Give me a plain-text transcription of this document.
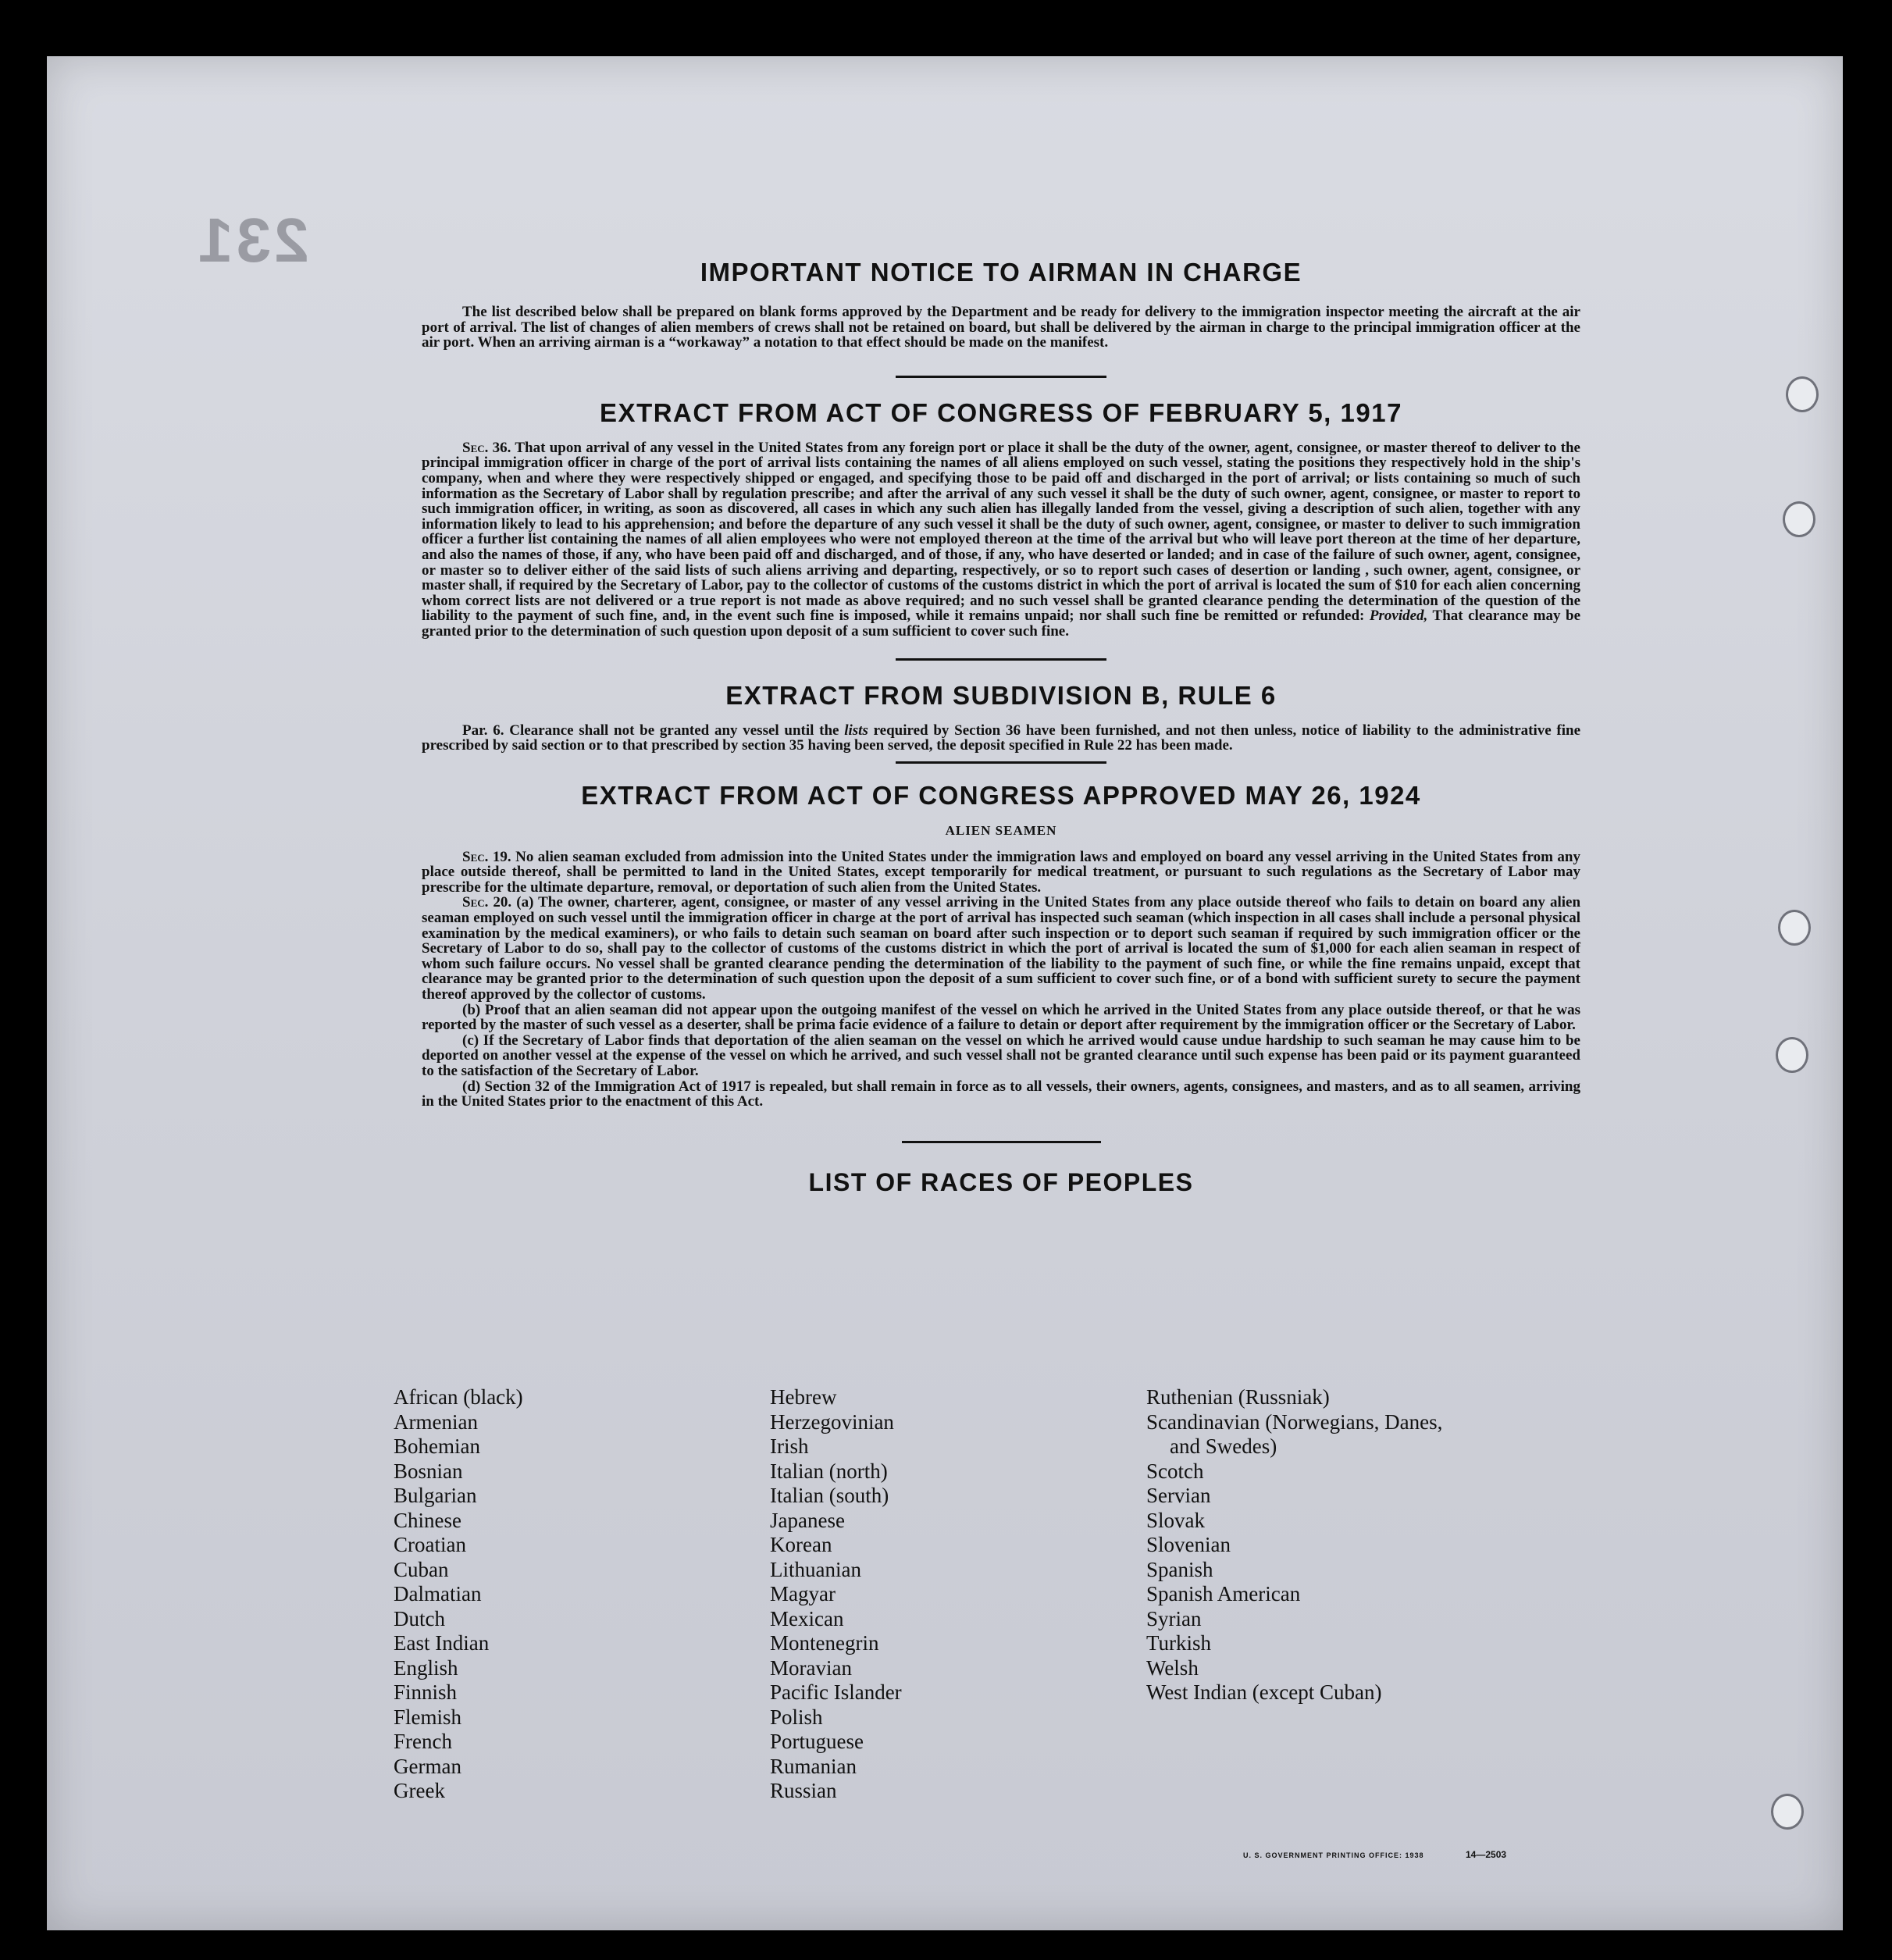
231	IMPORTANT NOTICE TO AIRMAN IN CHARGE

The list described below shall be prepared on blank forms approved by the Department and be ready for delivery to the immigration inspector meeting the aircraft at the air port of arrival. The list of changes of alien members of crews shall not be retained on board, but shall be delivered by the airman in charge to the principal immigration officer at the air port. When an arriving airman is a “workaway” a notation to that effect should be made on the manifest.

EXTRACT FROM ACT OF CONGRESS OF FEBRUARY 5, 1917

Sec. 36. That upon arrival of any vessel in the United States from any foreign port or place it shall be the duty of the owner, agent, consignee, or master thereof to deliver to the principal immigration officer in charge of the port of arrival lists containing the names of all aliens employed on such vessel, stating the positions they respectively hold in the ship's company, when and where they were respectively shipped or engaged, and specifying those to be paid off and discharged in the port of arrival; or lists containing so much of such information as the Secretary of Labor shall by regulation prescribe; and after the arrival of any such vessel it shall be the duty of such owner, agent, consignee, or master to report to such immigration officer, in writing, as soon as discovered, all cases in which any such alien has illegally landed from the vessel, giving a description of such alien, together with any information likely to lead to his apprehension; and before the departure of any such vessel it shall be the duty of such owner, agent, consignee, or master to deliver to such immigration officer a further list containing the names of all alien employees who were not employed thereon at the time of the arrival but who will leave port thereon at the time of her departure, and also the names of those, if any, who have been paid off and discharged, and of those, if any, who have deserted or landed; and in case of the failure of such owner, agent, consignee, or master so to deliver either of the said lists of such aliens arriving and departing, respectively, or so to report such cases of desertion or landing , such owner, agent, consignee, or master shall, if required by the Secretary of Labor, pay to the collector of customs of the customs district in which the port of arrival is located the sum of $10 for each alien concerning whom correct lists are not delivered or a true report is not made as above required; and no such vessel shall be granted clearance pending the determination of the question of the liability to the payment of such fine, and, in the event such fine is imposed, while it remains unpaid; nor shall such fine be remitted or refunded: Provided, That clearance may be granted prior to the determination of such question upon deposit of a sum sufficient to cover such fine.

EXTRACT FROM SUBDIVISION B, RULE 6

Par. 6. Clearance shall not be granted any vessel until the lists required by Section 36 have been furnished, and not then unless, notice of liability to the administrative fine prescribed by said section or to that prescribed by section 35 having been served, the deposit specified in Rule 22 has been made.

EXTRACT FROM ACT OF CONGRESS APPROVED MAY 26, 1924

ALIEN SEAMEN

Sec. 19. No alien seaman excluded from admission into the United States under the immigration laws and employed on board any vessel arriving in the United States from any place outside thereof, shall be permitted to land in the United States, except temporarily for medical treatment, or pursuant to such regulations as the Secretary of Labor may prescribe for the ultimate departure, removal, or deportation of such alien from the United States.

Sec. 20. (a) The owner, charterer, agent, consignee, or master of any vessel arriving in the United States from any place outside thereof who fails to detain on board any alien seaman employed on such vessel until the immigration officer in charge at the port of arrival has inspected such seaman (which inspection in all cases shall include a personal physical examination by the medical examiners), or who fails to detain such seaman on board after such inspection or to deport such seaman if required by such immigration officer or the Secretary of Labor to do so, shall pay to the collector of customs of the customs district in which the port of arrival is located the sum of $1,000 for each alien seaman in respect of whom such failure occurs. No vessel shall be granted clearance pending the determination of the liability to the payment of such fine, or while the fine remains unpaid, except that clearance may be granted prior to the determination of such question upon the deposit of a sum sufficient to cover such fine, or of a bond with sufficient surety to secure the payment thereof approved by the collector of customs.

(b) Proof that an alien seaman did not appear upon the outgoing manifest of the vessel on which he arrived in the United States from any place outside thereof, or that he was reported by the master of such vessel as a deserter, shall be prima facie evidence of a failure to detain or deport after requirement by the immigration officer or the Secretary of Labor.

(c) If the Secretary of Labor finds that deportation of the alien seaman on the vessel on which he arrived would cause undue hardship to such seaman he may cause him to be deported on another vessel at the expense of the vessel on which he arrived, and such vessel shall not be granted clearance until such expense has been paid or its payment guaranteed to the satisfaction of the Secretary of Labor.

(d) Section 32 of the Immigration Act of 1917 is repealed, but shall remain in force as to all vessels, their owners, agents, consignees, and masters, and as to all seamen, arriving in the United States prior to the enactment of this Act.

LIST OF RACES OF PEOPLES
African (black)
Armenian
Bohemian
Bosnian
Bulgarian
Chinese
Croatian
Cuban
Dalmatian
Dutch
East Indian
English
Finnish
Flemish
French
German
Greek
Hebrew
Herzegovinian
Irish
Italian (north)
Italian (south)
Japanese
Korean
Lithuanian
Magyar
Mexican
Montenegrin
Moravian
Pacific Islander
Polish
Portuguese
Rumanian
Russian
Ruthenian (Russniak)
Scandinavian (Norwegians, Danes,
and Swedes)
Scotch
Servian
Slovak
Slovenian
Spanish
Spanish American
Syrian
Turkish
Welsh
West Indian (except Cuban)
U. S. GOVERNMENT PRINTING OFFICE: 1938	14—2503
